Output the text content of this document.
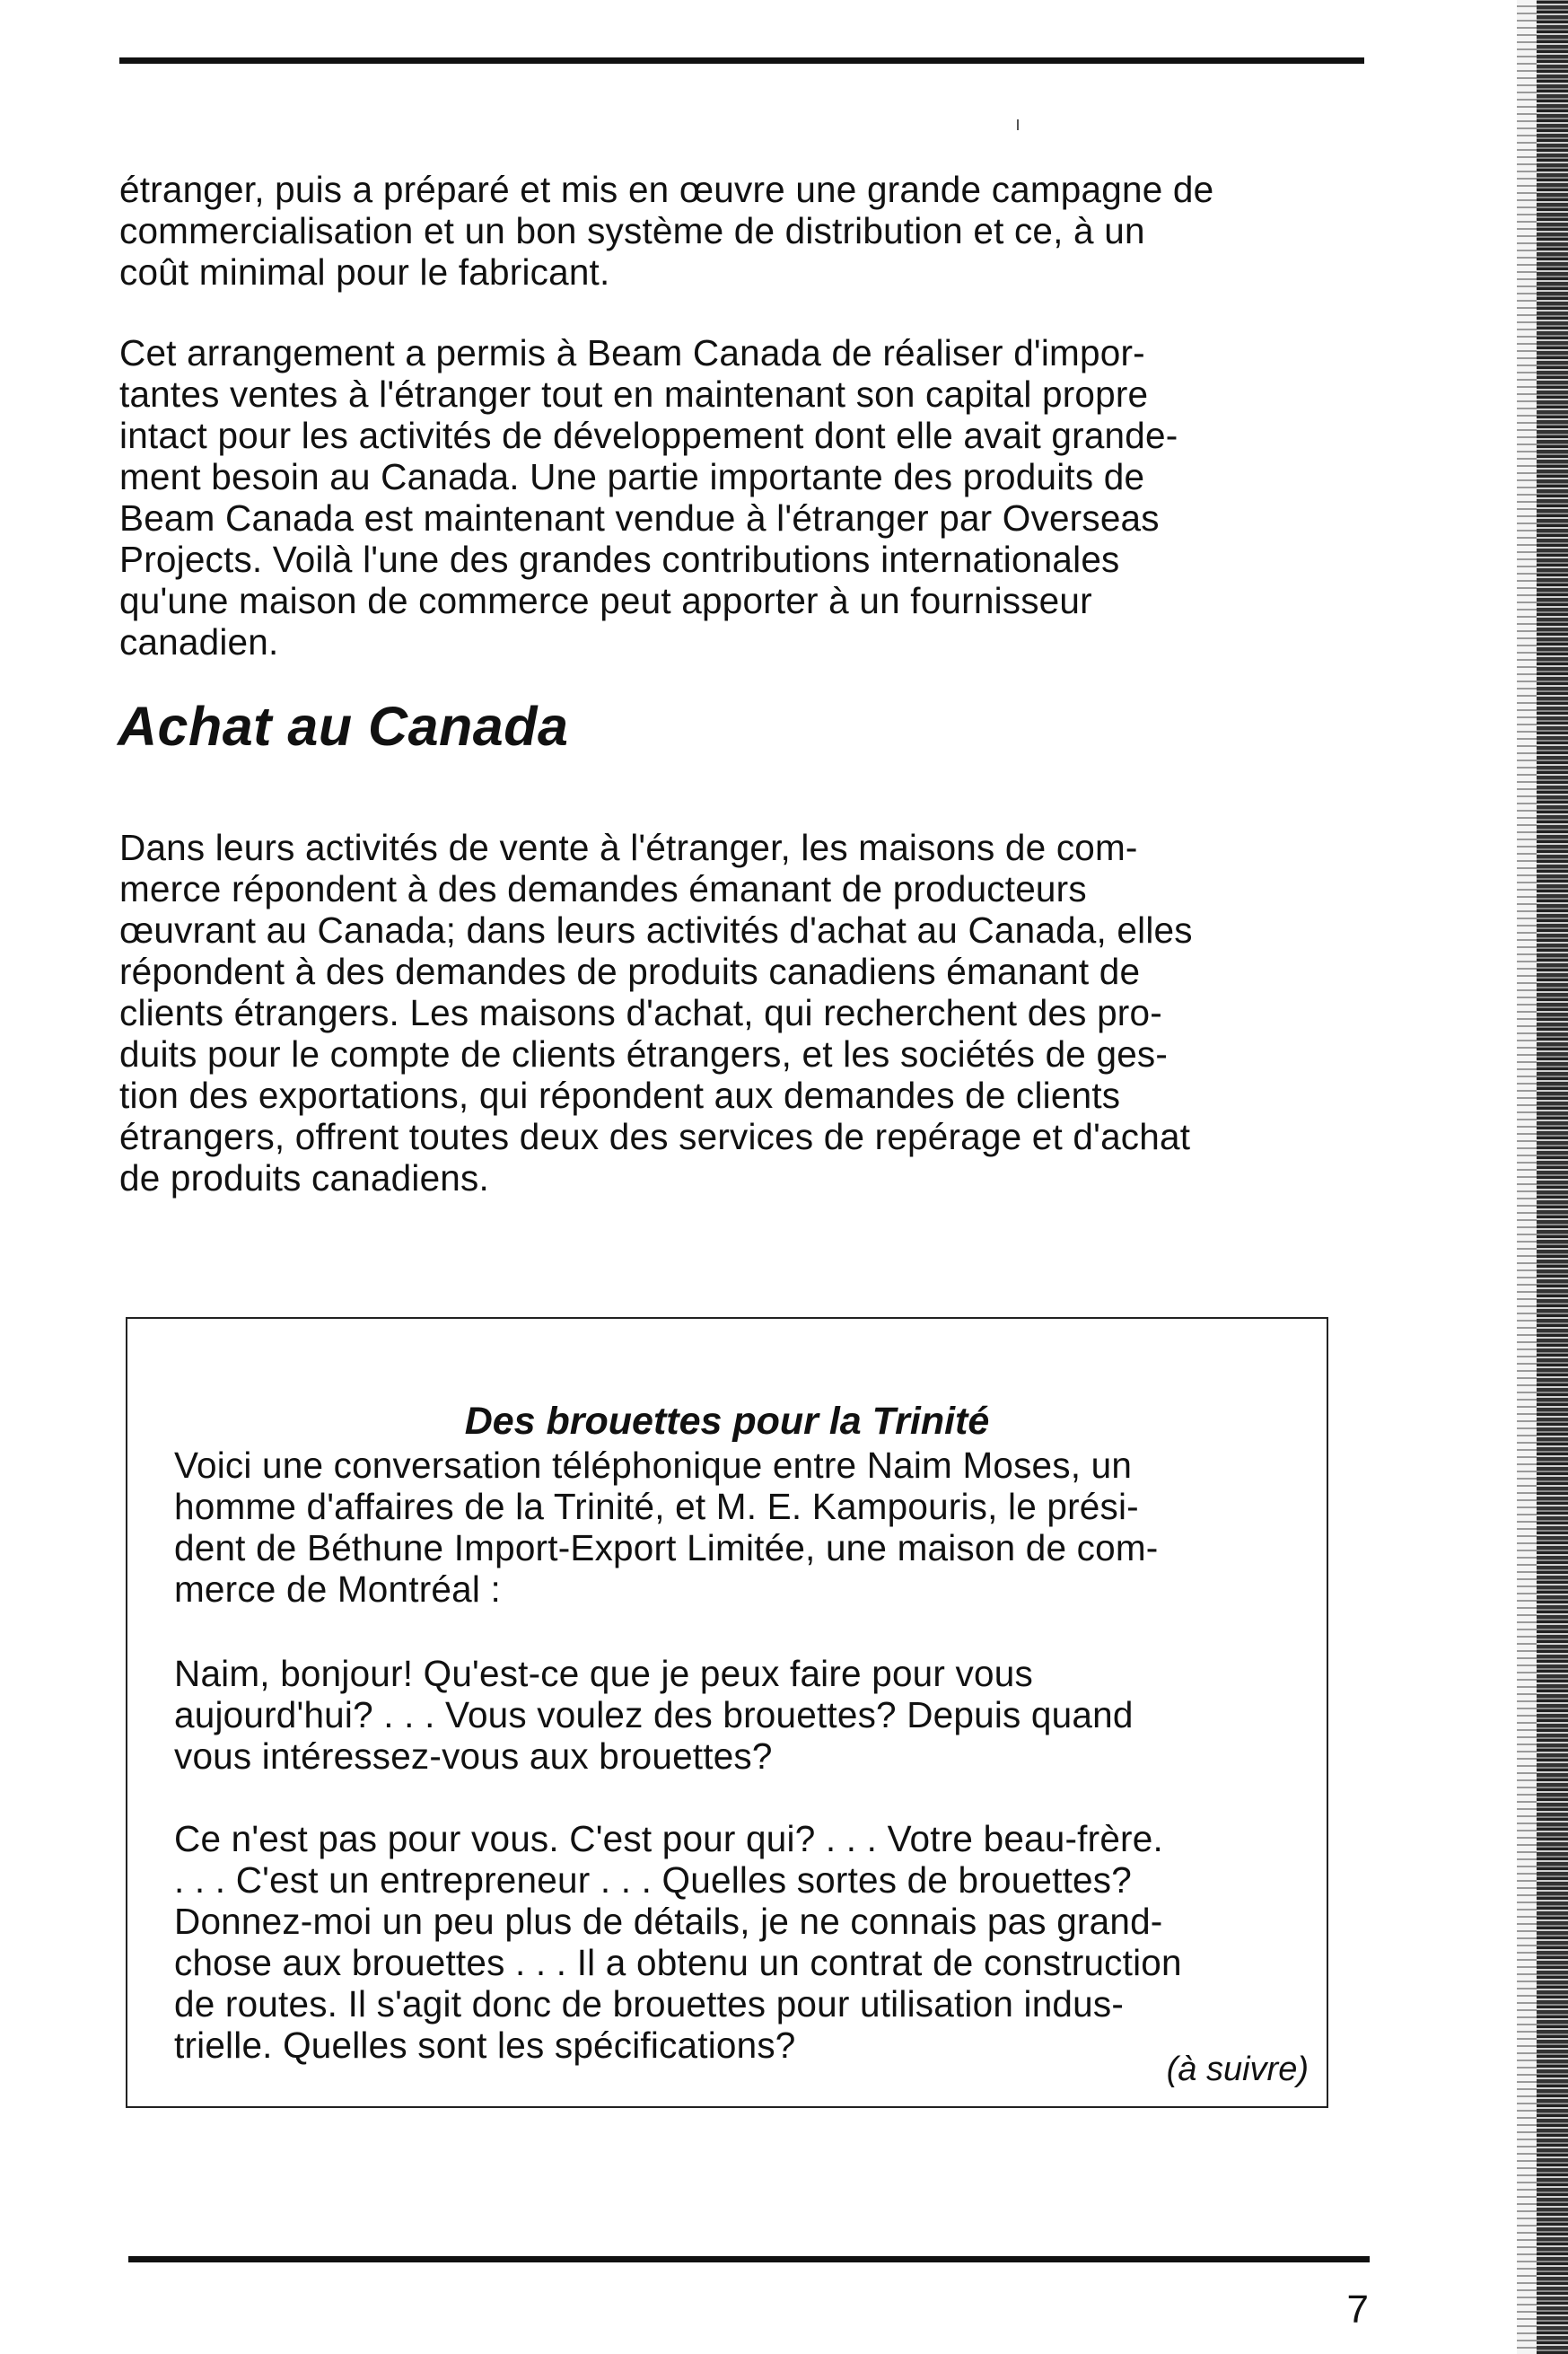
étranger, puis a préparé et mis en œuvre une grande campagne de
commercialisation et un bon système de distribution et ce, à un
coût minimal pour le fabricant.

Cet arrangement a permis à Beam Canada de réaliser d'impor-
tantes ventes à l'étranger tout en maintenant son capital propre
intact pour les activités de développement dont elle avait grande-
ment besoin au Canada. Une partie importante des produits de
Beam Canada est maintenant vendue à l'étranger par Overseas
Projects. Voilà l'une des grandes contributions internationales
qu'une maison de commerce peut apporter à un fournisseur
canadien.

Achat au Canada

Dans leurs activités de vente à l'étranger, les maisons de com-
merce répondent à des demandes émanant de producteurs
œuvrant au Canada; dans leurs activités d'achat au Canada, elles
répondent à des demandes de produits canadiens émanant de
clients étrangers. Les maisons d'achat, qui recherchent des pro-
duits pour le compte de clients étrangers, et les sociétés de ges-
tion des exportations, qui répondent aux demandes de clients
étrangers, offrent toutes deux des services de repérage et d'achat
de produits canadiens.

Des brouettes pour la Trinité

Voici une conversation téléphonique entre Naim Moses, un
homme d'affaires de la Trinité, et M. E. Kampouris, le prési-
dent de Béthune Import-Export Limitée, une maison de com-
merce de Montréal :

Naim, bonjour! Qu'est-ce que je peux faire pour vous
aujourd'hui? . . . Vous voulez des brouettes? Depuis quand
vous intéressez-vous aux brouettes?

Ce n'est pas pour vous. C'est pour qui? . . . Votre beau-frère.
. . . C'est un entrepreneur . . . Quelles sortes de brouettes?
Donnez-moi un peu plus de détails, je ne connais pas grand-
chose aux brouettes . . . Il a obtenu un contrat de construction
de routes. Il s'agit donc de brouettes pour utilisation indus-
trielle. Quelles sont les spécifications?

(à suivre)
7
